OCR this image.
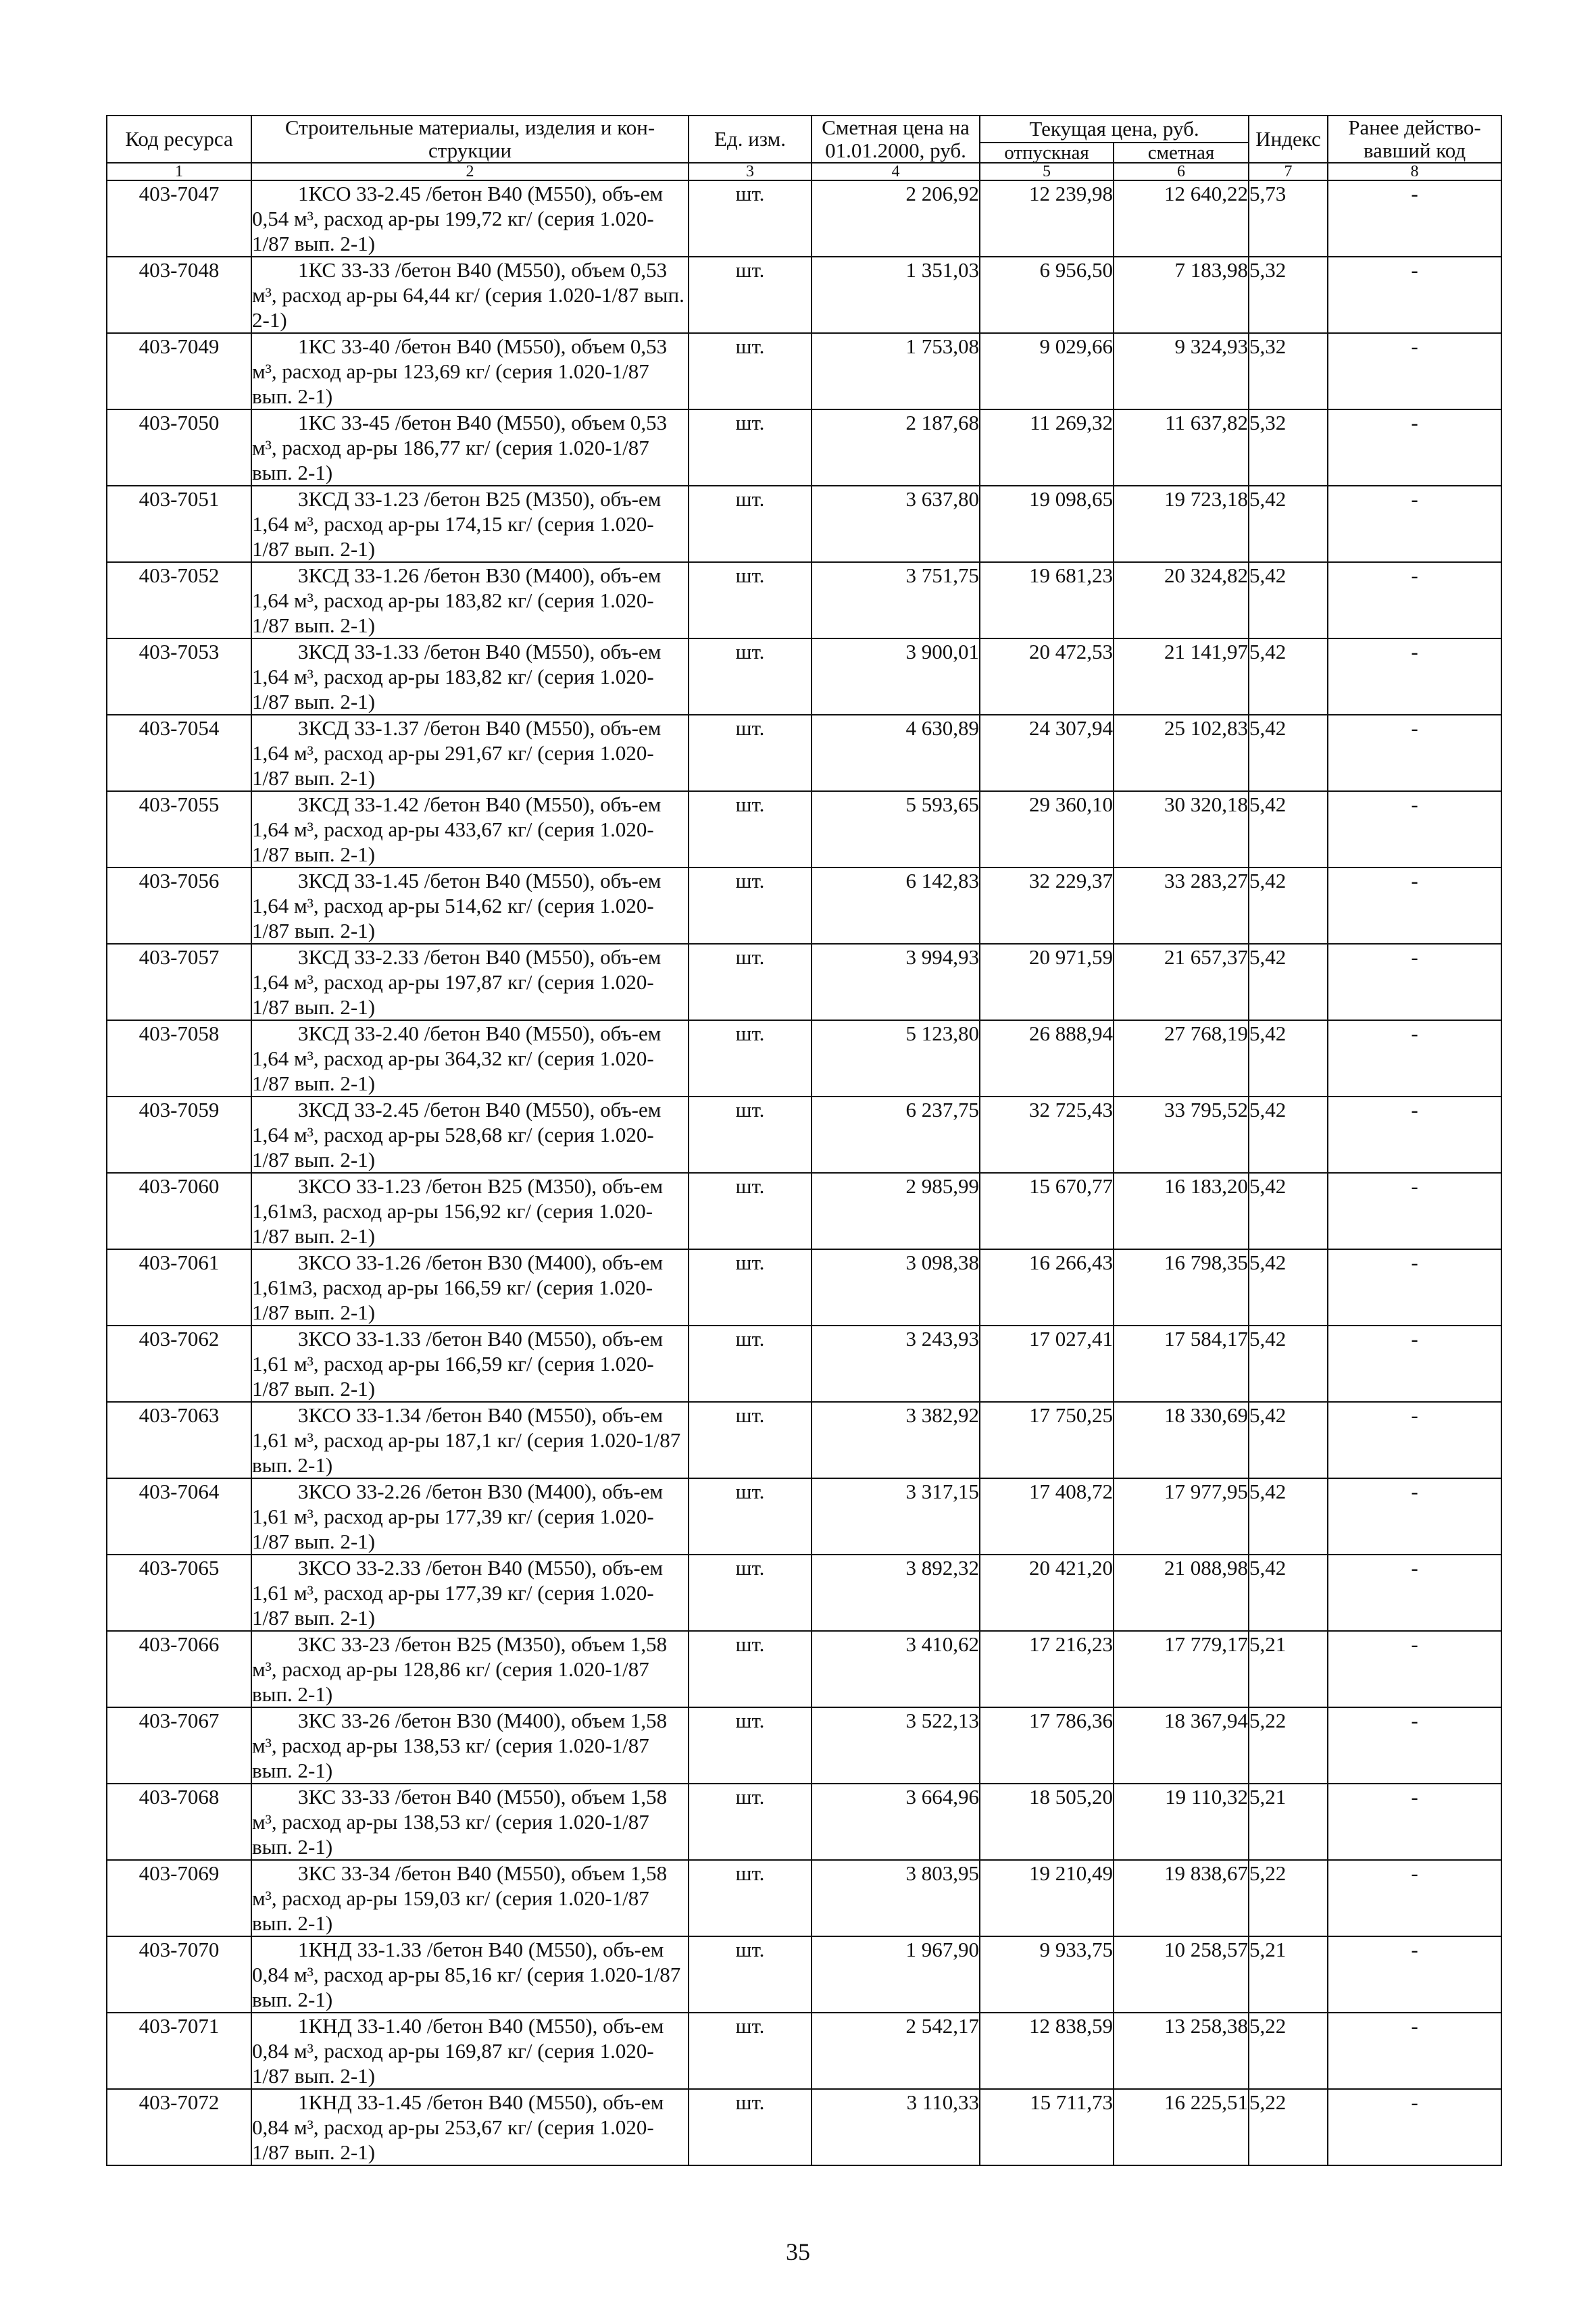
Код ресурса	Строительные материалы, изделия и кон-струкции	Ед. изм.	Сметная цена на 01.01.2000, руб.	Текущая цена, руб.		Индекс	Ранее действо-вавший код
				отпускная	сметная		
1	2	3	4	5	6	7	8
403-7047	1КСО 33-2.45 /бетон В40 (М550), объ-ем 0,54 м³, расход ар-ры 199,72 кг/ (серия 1.020-1/87 вып. 2-1)	шт.	2 206,92	12 239,98	12 640,22	5,73	-
403-7048	1КС 33-33 /бетон В40 (М550), объем 0,53 м³, расход ар-ры 64,44 кг/ (серия 1.020-1/87 вып. 2-1)	шт.	1 351,03	6 956,50	7 183,98	5,32	-
403-7049	1КС 33-40 /бетон В40 (М550), объем 0,53 м³, расход ар-ры 123,69 кг/ (серия 1.020-1/87 вып. 2-1)	шт.	1 753,08	9 029,66	9 324,93	5,32	-
403-7050	1КС 33-45 /бетон В40 (М550), объем 0,53 м³, расход ар-ры 186,77 кг/ (серия 1.020-1/87 вып. 2-1)	шт.	2 187,68	11 269,32	11 637,82	5,32	-
403-7051	3КСД 33-1.23 /бетон В25 (М350), объ-ем 1,64 м³, расход ар-ры 174,15 кг/ (серия 1.020-1/87 вып. 2-1)	шт.	3 637,80	19 098,65	19 723,18	5,42	-
403-7052	3КСД 33-1.26 /бетон В30 (М400), объ-ем 1,64 м³, расход ар-ры 183,82 кг/ (серия 1.020-1/87 вып. 2-1)	шт.	3 751,75	19 681,23	20 324,82	5,42	-
403-7053	3КСД 33-1.33 /бетон В40 (М550), объ-ем 1,64 м³, расход ар-ры 183,82 кг/ (серия 1.020-1/87 вып. 2-1)	шт.	3 900,01	20 472,53	21 141,97	5,42	-
403-7054	3КСД 33-1.37 /бетон В40 (М550), объ-ем 1,64 м³, расход ар-ры 291,67 кг/ (серия 1.020-1/87 вып. 2-1)	шт.	4 630,89	24 307,94	25 102,83	5,42	-
403-7055	3КСД 33-1.42 /бетон В40 (М550), объ-ем 1,64 м³, расход ар-ры 433,67 кг/ (серия 1.020-1/87 вып. 2-1)	шт.	5 593,65	29 360,10	30 320,18	5,42	-
403-7056	3КСД 33-1.45 /бетон В40 (М550), объ-ем 1,64 м³, расход ар-ры 514,62 кг/ (серия 1.020-1/87 вып. 2-1)	шт.	6 142,83	32 229,37	33 283,27	5,42	-
403-7057	3КСД 33-2.33 /бетон В40 (М550), объ-ем 1,64 м³, расход ар-ры 197,87 кг/ (серия 1.020-1/87 вып. 2-1)	шт.	3 994,93	20 971,59	21 657,37	5,42	-
403-7058	3КСД 33-2.40 /бетон В40 (М550), объ-ем 1,64 м³, расход ар-ры 364,32 кг/ (серия 1.020-1/87 вып. 2-1)	шт.	5 123,80	26 888,94	27 768,19	5,42	-
403-7059	3КСД 33-2.45 /бетон В40 (М550), объ-ем 1,64 м³, расход ар-ры 528,68 кг/ (серия 1.020-1/87 вып. 2-1)	шт.	6 237,75	32 725,43	33 795,52	5,42	-
403-7060	3КСО 33-1.23 /бетон В25 (М350), объ-ем 1,61м3, расход ар-ры 156,92 кг/ (серия 1.020-1/87 вып. 2-1)	шт.	2 985,99	15 670,77	16 183,20	5,42	-
403-7061	3КСО 33-1.26 /бетон В30 (М400), объ-ем 1,61м3, расход ар-ры 166,59 кг/ (серия 1.020-1/87 вып. 2-1)	шт.	3 098,38	16 266,43	16 798,35	5,42	-
403-7062	3КСО 33-1.33 /бетон В40 (М550), объ-ем 1,61 м³, расход ар-ры 166,59 кг/ (серия 1.020-1/87 вып. 2-1)	шт.	3 243,93	17 027,41	17 584,17	5,42	-
403-7063	3КСО 33-1.34 /бетон В40 (М550), объ-ем 1,61 м³, расход ар-ры 187,1 кг/ (серия 1.020-1/87 вып. 2-1)	шт.	3 382,92	17 750,25	18 330,69	5,42	-
403-7064	3КСО 33-2.26 /бетон В30 (М400), объ-ем 1,61 м³, расход ар-ры 177,39 кг/ (серия 1.020-1/87 вып. 2-1)	шт.	3 317,15	17 408,72	17 977,95	5,42	-
403-7065	3КСО 33-2.33 /бетон В40 (М550), объ-ем 1,61 м³, расход ар-ры 177,39 кг/ (серия 1.020-1/87 вып. 2-1)	шт.	3 892,32	20 421,20	21 088,98	5,42	-
403-7066	3КС 33-23 /бетон В25 (М350), объем 1,58 м³, расход ар-ры 128,86 кг/ (серия 1.020-1/87 вып. 2-1)	шт.	3 410,62	17 216,23	17 779,17	5,21	-
403-7067	3КС 33-26 /бетон В30 (М400), объем 1,58 м³, расход ар-ры 138,53 кг/ (серия 1.020-1/87 вып. 2-1)	шт.	3 522,13	17 786,36	18 367,94	5,22	-
403-7068	3КС 33-33 /бетон В40 (М550), объем 1,58 м³, расход ар-ры 138,53 кг/ (серия 1.020-1/87 вып. 2-1)	шт.	3 664,96	18 505,20	19 110,32	5,21	-
403-7069	3КС 33-34 /бетон В40 (М550), объем 1,58 м³, расход ар-ры 159,03 кг/ (серия 1.020-1/87 вып. 2-1)	шт.	3 803,95	19 210,49	19 838,67	5,22	-
403-7070	1КНД 33-1.33 /бетон В40 (М550), объ-ем 0,84 м³, расход ар-ры 85,16 кг/ (серия 1.020-1/87 вып. 2-1)	шт.	1 967,90	9 933,75	10 258,57	5,21	-
403-7071	1КНД 33-1.40 /бетон В40 (М550), объ-ем 0,84 м³, расход ар-ры 169,87 кг/ (серия 1.020-1/87 вып. 2-1)	шт.	2 542,17	12 838,59	13 258,38	5,22	-
403-7072	1КНД 33-1.45 /бетон В40 (М550), объ-ем 0,84 м³, расход ар-ры 253,67 кг/ (серия 1.020-1/87 вып. 2-1)	шт.	3 110,33	15 711,73	16 225,51	5,22	-
35
